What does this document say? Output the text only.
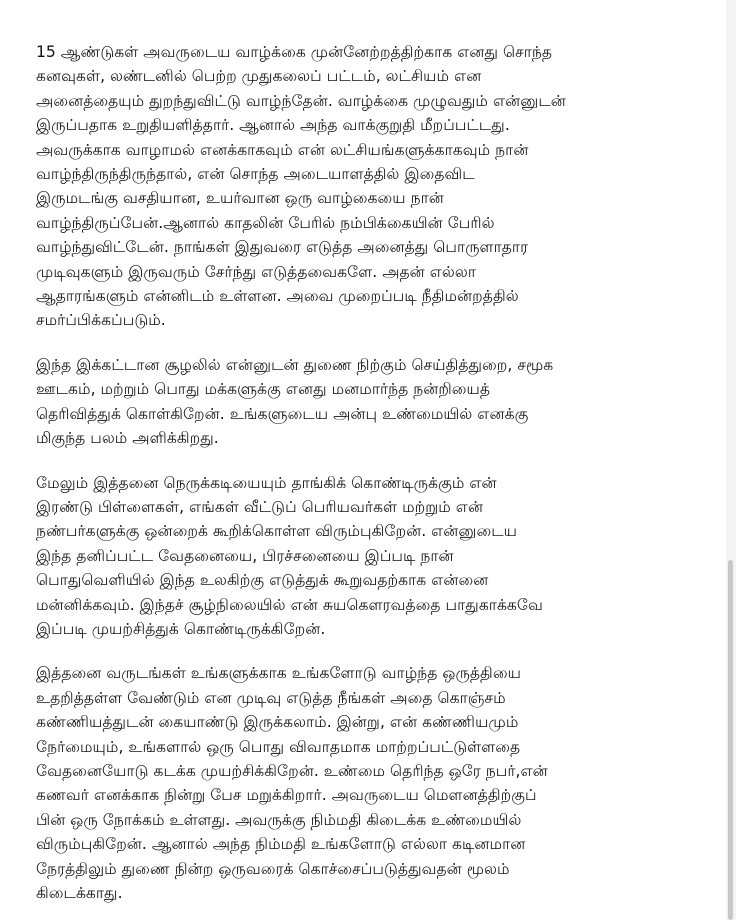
15 ஆண்டுகள் அவருடைய வாழ்க்கை முன்னேற்றத்திற்காக எனது சொந்த
கனவுகள், லண்டனில் பெற்ற முதுகலைப் பட்டம், லட்சியம் என
அனைத்தையும் துறந்துவிட்டு வாழ்ந்தேன். வாழ்க்கை முழுவதும் என்னுடன்
இருப்பதாக உறுதியளித்தார். ஆனால் அந்த வாக்குறுதி மீறப்பட்டது.
அவருக்காக வாழாமல் எனக்காகவும் என் லட்சியங்களுக்காகவும் நான்
வாழ்ந்திருந்திருந்தால், என் சொந்த அடையாளத்தில் இதைவிட
இருமடங்கு வசதியான, உயர்வான ஒரு வாழ்கையை நான்
வாழ்ந்திருப்பேன்.ஆனால் காதலின் பேரில் நம்பிக்கையின் பேரில்
வாழ்ந்துவிட்டேன். நாங்கள் இதுவரை எடுத்த அனைத்து பொருளாதார
முடிவுகளும் இருவரும் சேர்ந்து எடுத்தவைகளே. அதன் எல்லா
ஆதாரங்களும் என்னிடம் உள்ளன. அவை முறைப்படி நீதிமன்றத்தில்
சமர்ப்பிக்கப்படும்.

இந்த இக்கட்டான சூழலில் என்னுடன் துணை நிற்கும் செய்தித்துறை, சமூக
ஊடகம், மற்றும் பொது மக்களுக்கு எனது மனமார்ந்த நன்றியைத்
தெரிவித்துக் கொள்கிறேன். உங்களுடைய அன்பு உண்மையில் எனக்கு
மிகுந்த பலம் அளிக்கிறது.

மேலும் இத்தனை நெருக்கடியையும் தாங்கிக் கொண்டிருக்கும் என்
இரண்டு பிள்ளைகள், எங்கள் வீட்டுப் பெரியவர்கள் மற்றும் என்
நண்பர்களுக்கு ஒன்றைக் கூறிக்கொள்ள விரும்புகிறேன். என்னுடைய
இந்த தனிப்பட்ட வேதனையை, பிரச்சனையை இப்படி நான்
பொதுவெளியில் இந்த உலகிற்கு எடுத்துக் கூறுவதற்காக என்னை
மன்னிக்கவும். இந்தச் சூழ்நிலையில் என் சுயகௌரவத்தை பாதுகாக்கவே
இப்படி முயற்சித்துக் கொண்டிருக்கிறேன்.

இத்தனை வருடங்கள் உங்களுக்காக உங்களோடு வாழ்ந்த ஒருத்தியை
உதறித்தள்ள வேண்டும் என முடிவு எடுத்த நீங்கள் அதை கொஞ்சம்
கண்ணியத்துடன் கையாண்டு இருக்கலாம். இன்று, என் கண்ணியமும்
நேர்மையும், உங்களால் ஒரு பொது விவாதமாக மாற்றப்பட்டுள்ளதை
வேதனையோடு கடக்க முயற்சிக்கிறேன். உண்மை தெரிந்த ஒரே நபர்,என்
கணவர் எனக்காக நின்று பேச மறுக்கிறார். அவருடைய மௌனத்திற்குப்
பின் ஒரு நோக்கம் உள்ளது. அவருக்கு நிம்மதி கிடைக்க உண்மையில்
விரும்புகிறேன். ஆனால் அந்த நிம்மதி உங்களோடு எல்லா கடினமான
நேரத்திலும் துணை நின்ற ஒருவரைக் கொச்சைப்படுத்துவதன் மூலம்
கிடைக்காது.
